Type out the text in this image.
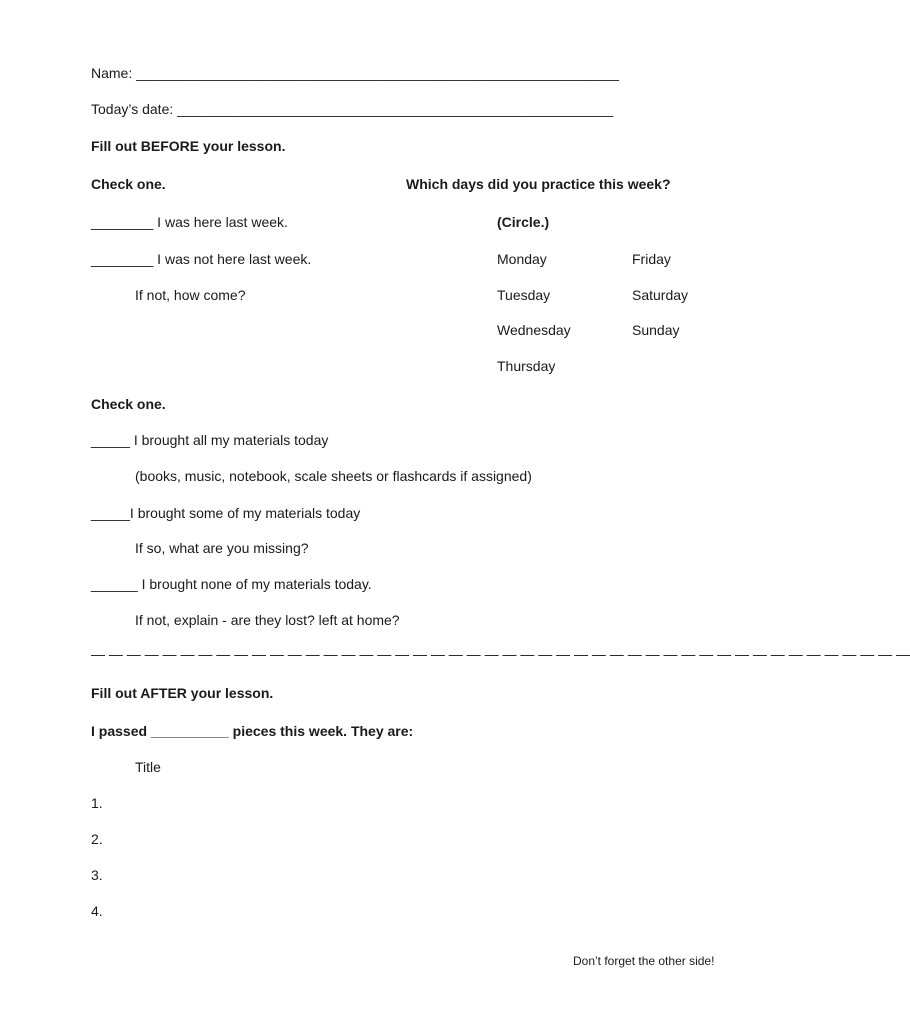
Name: ______________________________________________________________
Today’s date: ________________________________________________________
Fill out BEFORE your lesson.
Check one.	Which days did you practice this week?
________ I was here last week.	(Circle.)
________ I was not here last week.	Monday	Friday
If not, how come?	Tuesday	Saturday
Wednesday	Sunday
Thursday
Check one.
_____ I brought all my materials today
(books, music, notebook, scale sheets or flashcards if assigned)
_____I brought some of my materials today
If so, what are you missing?
______ I brought none of my materials today.
If not, explain - are they lost? left at home?
— — — — — — — — — — — — — — — — — — — — — — — — — — — — — — — — — — — — — — — — — — — — — —
Fill out AFTER your lesson.
I passed __________ pieces this week. They are:
Title
1.
2.
3.
4.
Don’t forget the other side!
